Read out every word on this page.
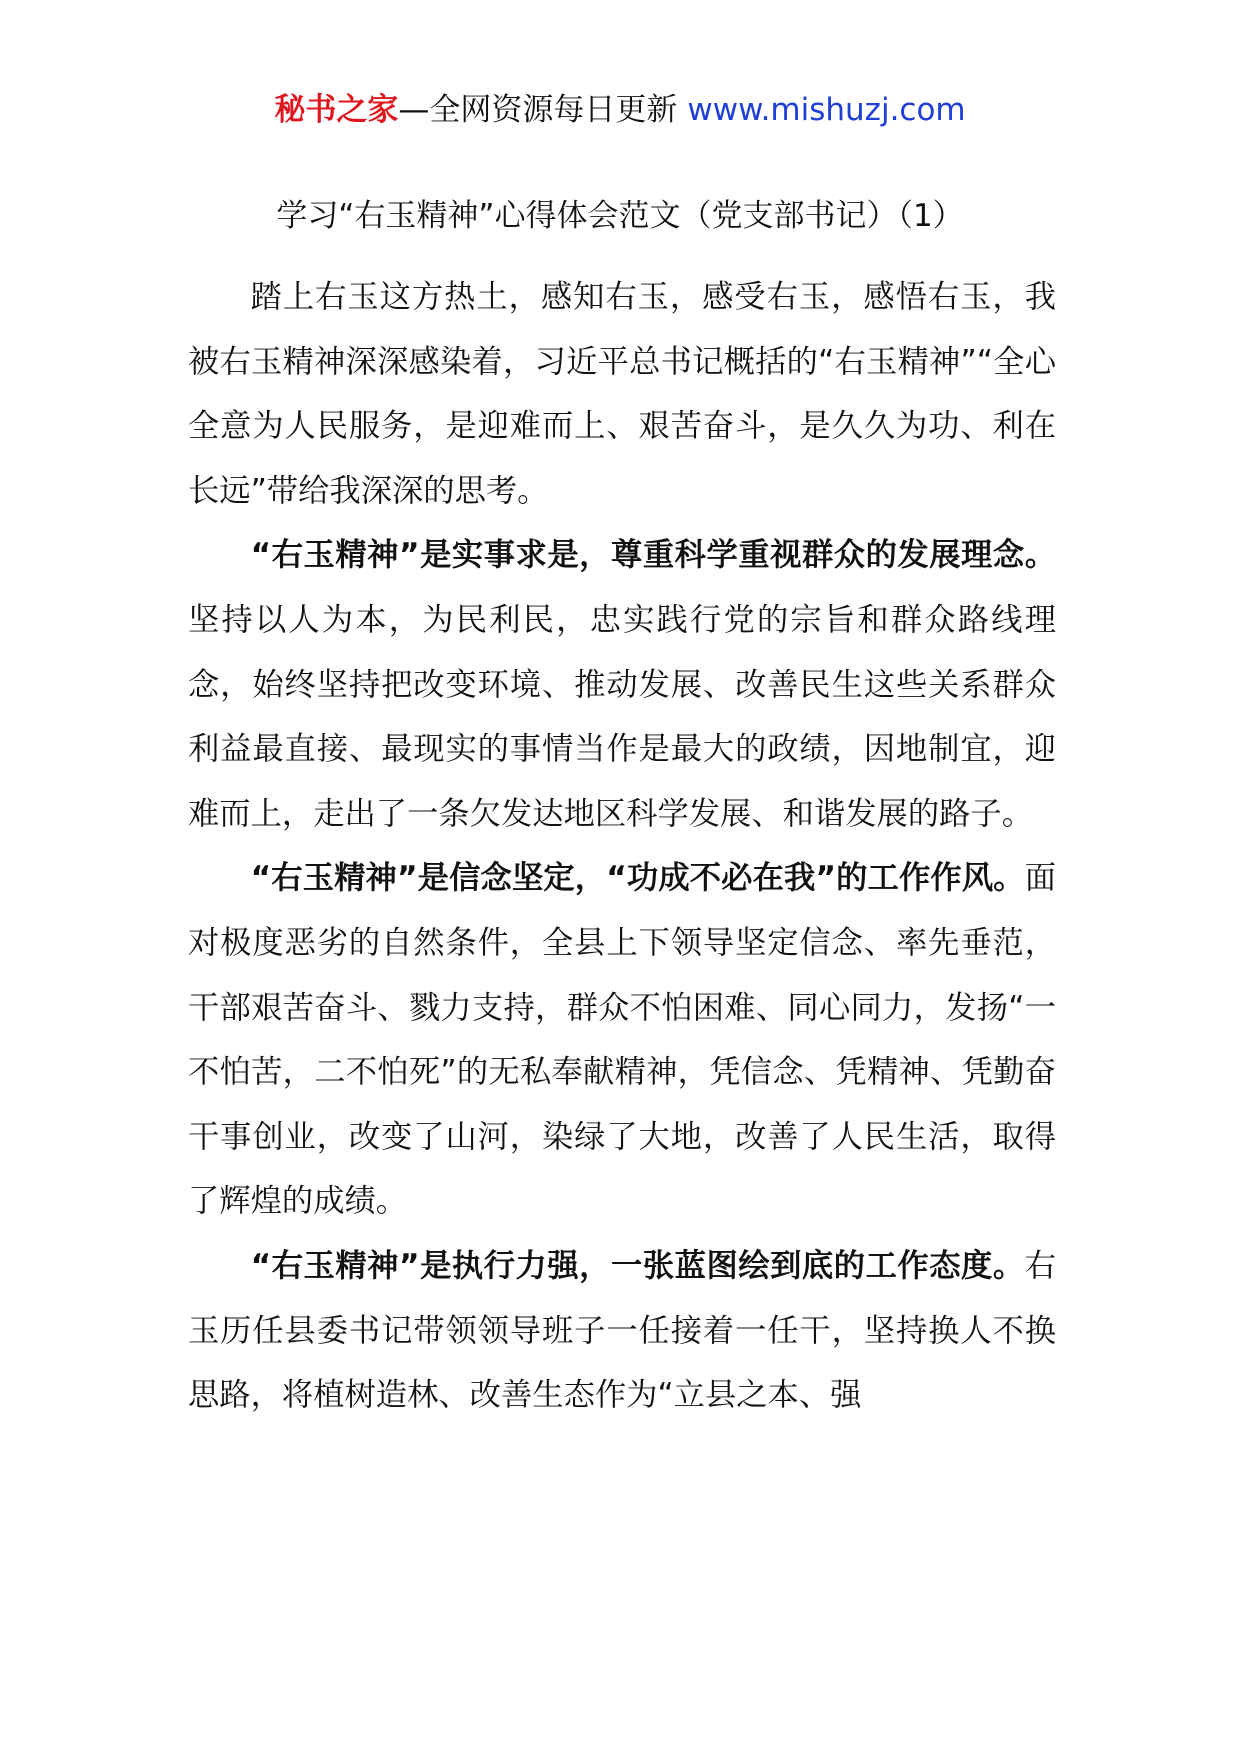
秘书之家—全网资源每日更新 www.mishuzj.com
学习“右玉精神”心得体会范文（党支部书记）（1）

踏上右玉这方热土，感知右玉，感受右玉，感悟右玉，我被右玉精神深深感染着，习近平总书记概括的“右玉精神”“全心全意为人民服务，是迎难而上、艰苦奋斗，是久久为功、利在长远”带给我深深的思考。

“右玉精神”是实事求是，尊重科学重视群众的发展理念。坚持以人为本，为民利民，忠实践行党的宗旨和群众路线理念，始终坚持把改变环境、推动发展、改善民生这些关系群众利益最直接、最现实的事情当作是最大的政绩，因地制宜，迎难而上，走出了一条欠发达地区科学发展、和谐发展的路子。

“右玉精神”是信念坚定，“功成不必在我”的工作作风。面对极度恶劣的自然条件，全县上下领导坚定信念、率先垂范，干部艰苦奋斗、戮力支持，群众不怕困难、同心同力，发扬“一不怕苦，二不怕死”的无私奉献精神，凭信念、凭精神、凭勤奋干事创业，改变了山河，染绿了大地，改善了人民生活，取得了辉煌的成绩。

“右玉精神”是执行力强，一张蓝图绘到底的工作态度。右玉历任县委书记带领领导班子一任接着一任干，坚持换人不换思路，将植树造林、改善生态作为“立县之本、强
